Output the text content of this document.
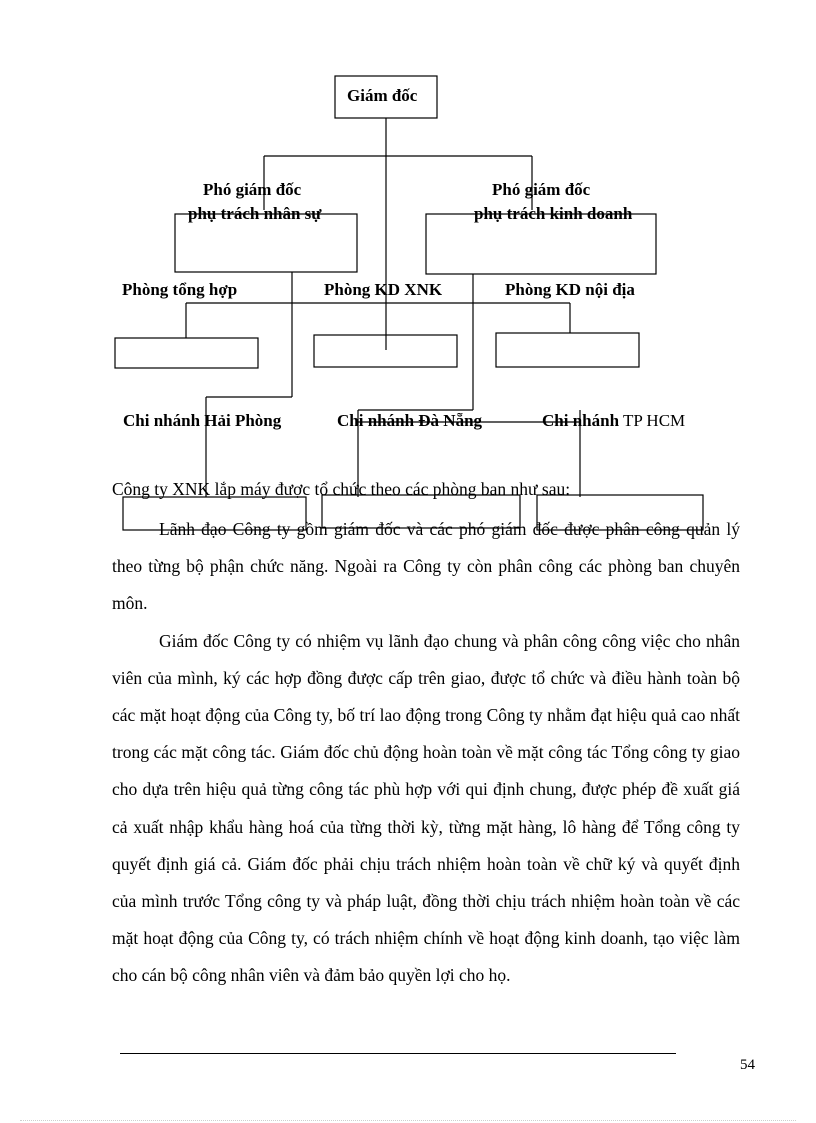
Giám đốc
Phó giám đốc
phụ trách nhân sự
Phó giám đốc
phụ trách kinh doanh
Phòng tổng hợp	Phòng KD XNK	Phòng KD nội địa
Chi nhánh Hải Phòng	Chi nhánh Đà Nẵng	Chi nhánh TP HCM
Công ty XNK lắp máy được tổ chức theo các phòng ban như sau:

Lãnh đạo Công ty gồm giám đốc và các phó giám đốc được phân công quản lý theo từng bộ phận chức năng. Ngoài ra Công ty còn phân công các phòng ban chuyên môn.

Giám đốc Công ty có nhiệm vụ lãnh đạo chung và phân công công việc cho nhân viên của mình, ký các hợp đồng được cấp trên giao, được tổ chức và điều hành toàn bộ các mặt hoạt động của Công ty, bố trí lao động trong Công ty nhằm đạt hiệu quả cao nhất trong các mặt công tác. Giám đốc chủ động hoàn toàn về mặt công tác Tổng công ty giao cho dựa trên hiệu quả từng công tác phù hợp với qui định chung, được phép đề xuất giá cả xuất nhập khẩu hàng hoá của từng thời kỳ, từng mặt hàng, lô hàng để Tổng công ty quyết định giá cả. Giám đốc phải chịu trách nhiệm hoàn toàn về chữ ký và quyết định của mình trước Tổng công ty và pháp luật, đồng thời chịu trách nhiệm hoàn toàn về các mặt hoạt động của Công ty, có trách nhiệm chính về hoạt động kinh doanh, tạo việc làm cho cán bộ công nhân viên và đảm bảo quyền lợi cho họ.

54
